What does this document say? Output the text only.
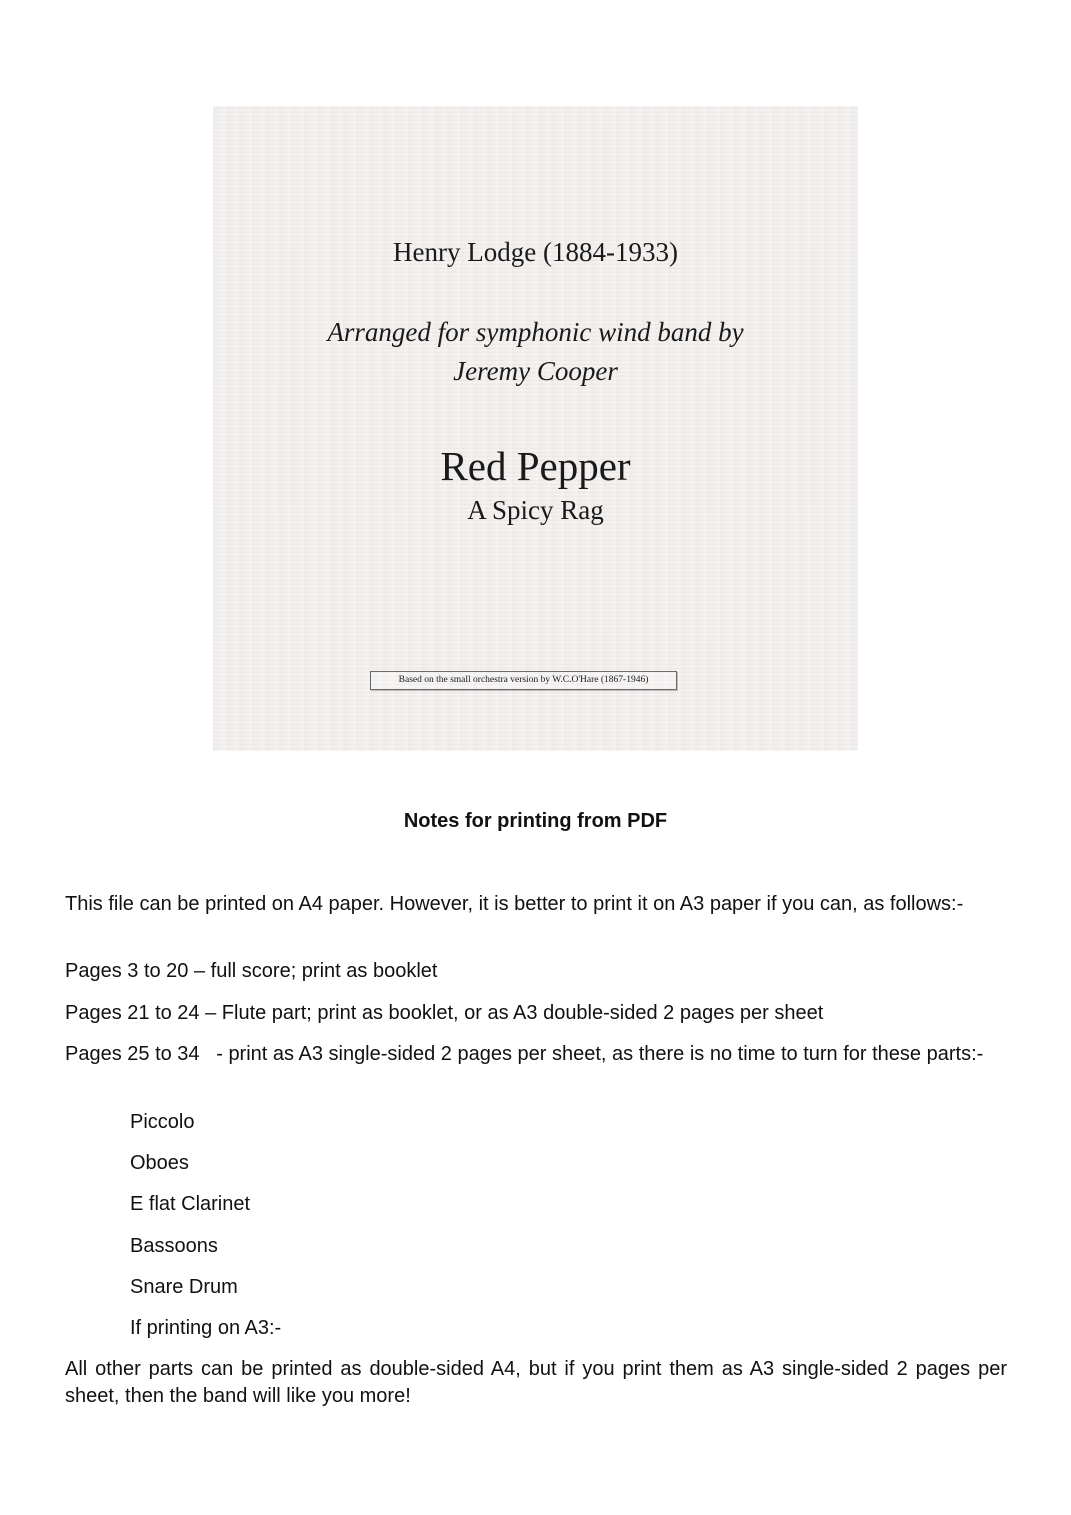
Henry Lodge (1884-1933)
Arranged for symphonic wind band by
Jeremy Cooper
Red Pepper
A Spicy Rag
Based on the small orchestra version by W.C.O'Hare (1867-1946)
Notes for printing from PDF

This file can be printed on A4 paper. However, it is better to print it on A3 paper if you can, as follows:-

Pages 3 to 20 – full score; print as booklet

Pages 21 to 24 – Flute part; print as booklet, or as A3 double-sided 2 pages per sheet

Pages 25 to 34   - print as A3 single-sided 2 pages per sheet, as there is no time to turn for these parts:-

Piccolo

Oboes

E flat Clarinet

Bassoons

Snare Drum

If printing on A3:-

All other parts can be printed as double-sided A4, but if you print them as A3 single-sided 2 pages per sheet, then the band will like you more!
